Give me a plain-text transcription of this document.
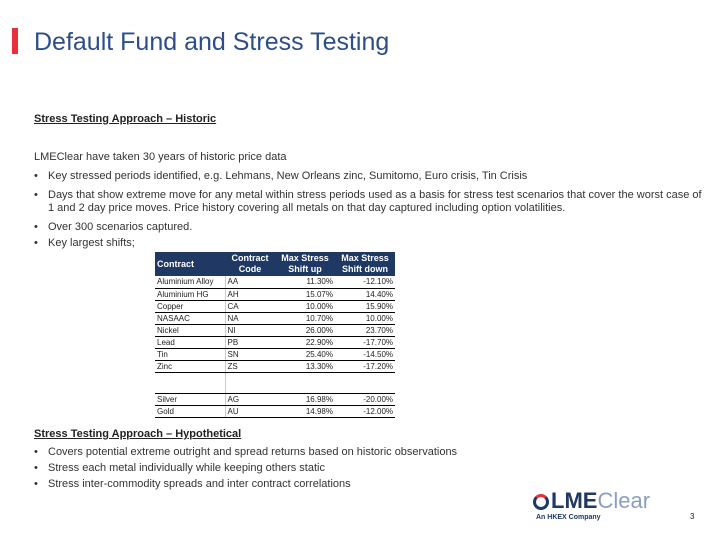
Default Fund and Stress Testing
Stress Testing Approach – Historic
LMEClear have taken 30 years of historic price data
• Key stressed periods identified, e.g. Lehmans, New Orleans zinc, Sumitomo, Euro crisis, Tin Crisis
• Days that show extreme move for any metal within stress periods used as a basis for stress test scenarios that cover the worst case of 1 and 2 day price moves. Price history covering all metals on that day captured including option volatilities.
• Over 300 scenarios captured.
• Key largest shifts;
Contract	Contract Code	Max Stress Shift up	Max Stress Shift down
Aluminium Alloy	AA	11.30%	-12.10%
Aluminium HG	AH	15.07%	14.40%
Copper	CA	10.00%	15.90%
NASAAC	NA	10.70%	10.00%
Nickel	NI	26.00%	23.70%
Lead	PB	22.90%	-17.70%
Tin	SN	25.40%	-14.50%
Zinc	ZS	13.30%	-17.20%

Silver	AG	16.98%	-20.00%
Gold	AU	14.98%	-12.00%
Stress Testing Approach – Hypothetical
• Covers potential extreme outright and spread returns based on historic observations
• Stress each metal individually while keeping others static
• Stress inter-commodity spreads and inter contract correlations
LMEClear
An HKEX Company	3
